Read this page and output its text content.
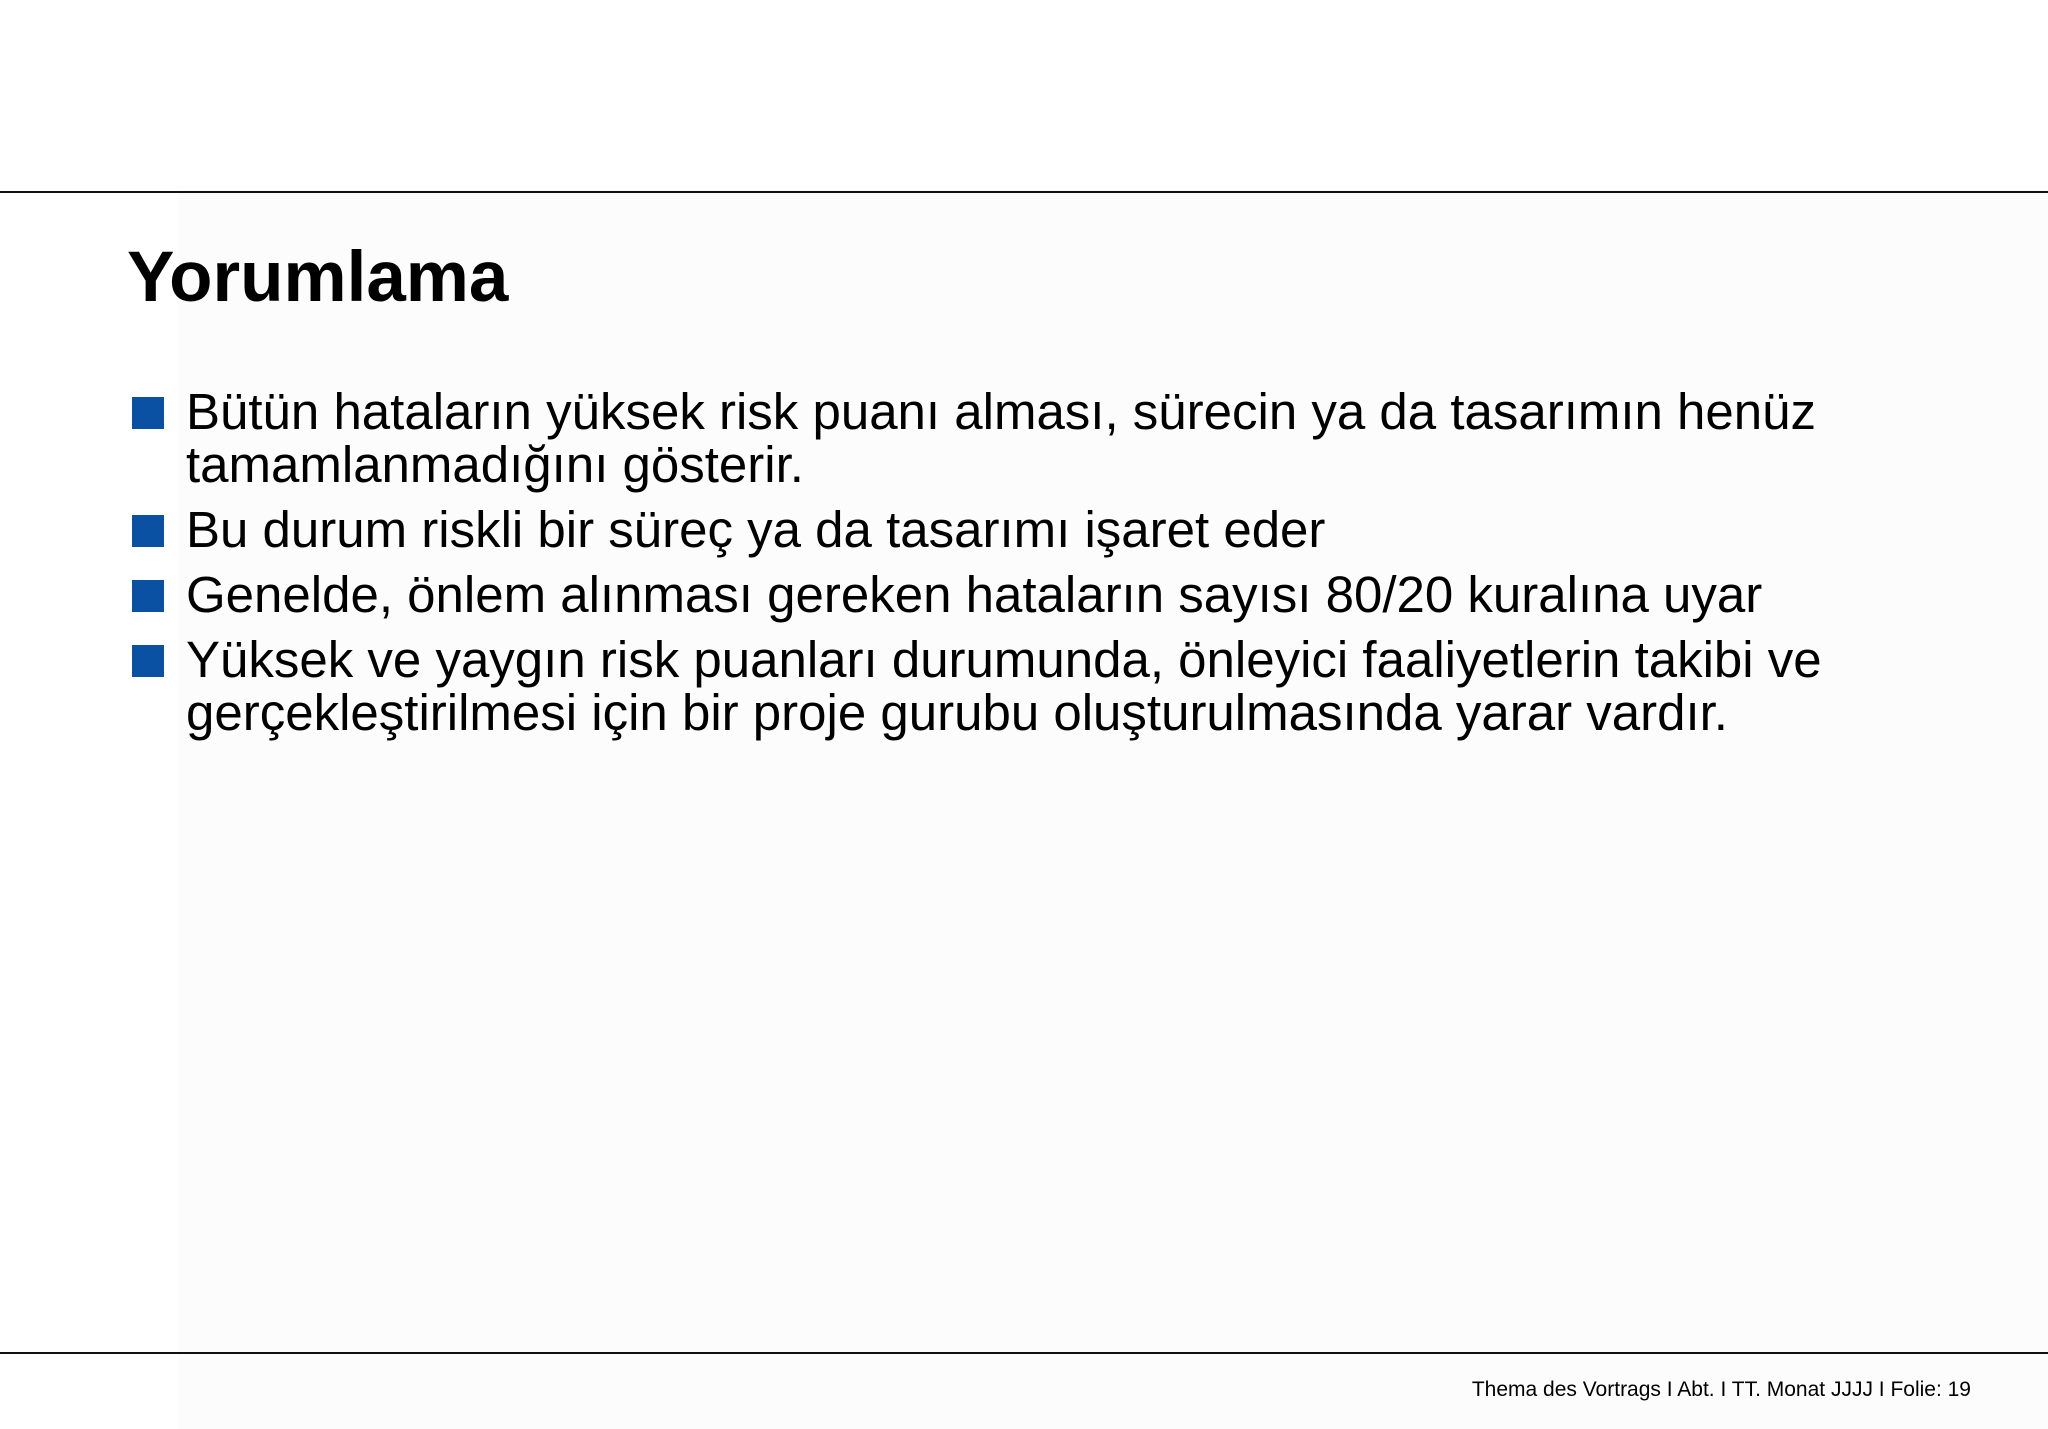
Yorumlama
Bütün hataların yüksek risk puanı alması, sürecin ya da tasarımın henüz tamamlanmadığını gösterir.
Bu durum riskli bir süreç ya da tasarımı işaret eder
Genelde, önlem alınması gereken hataların sayısı 80/20 kuralına uyar
Yüksek ve yaygın risk puanları durumunda, önleyici faaliyetlerin takibi ve gerçekleştirilmesi için bir proje gurubu oluşturulmasında yarar vardır.
Thema des Vortrags I Abt. I TT. Monat JJJJ I Folie: 19
